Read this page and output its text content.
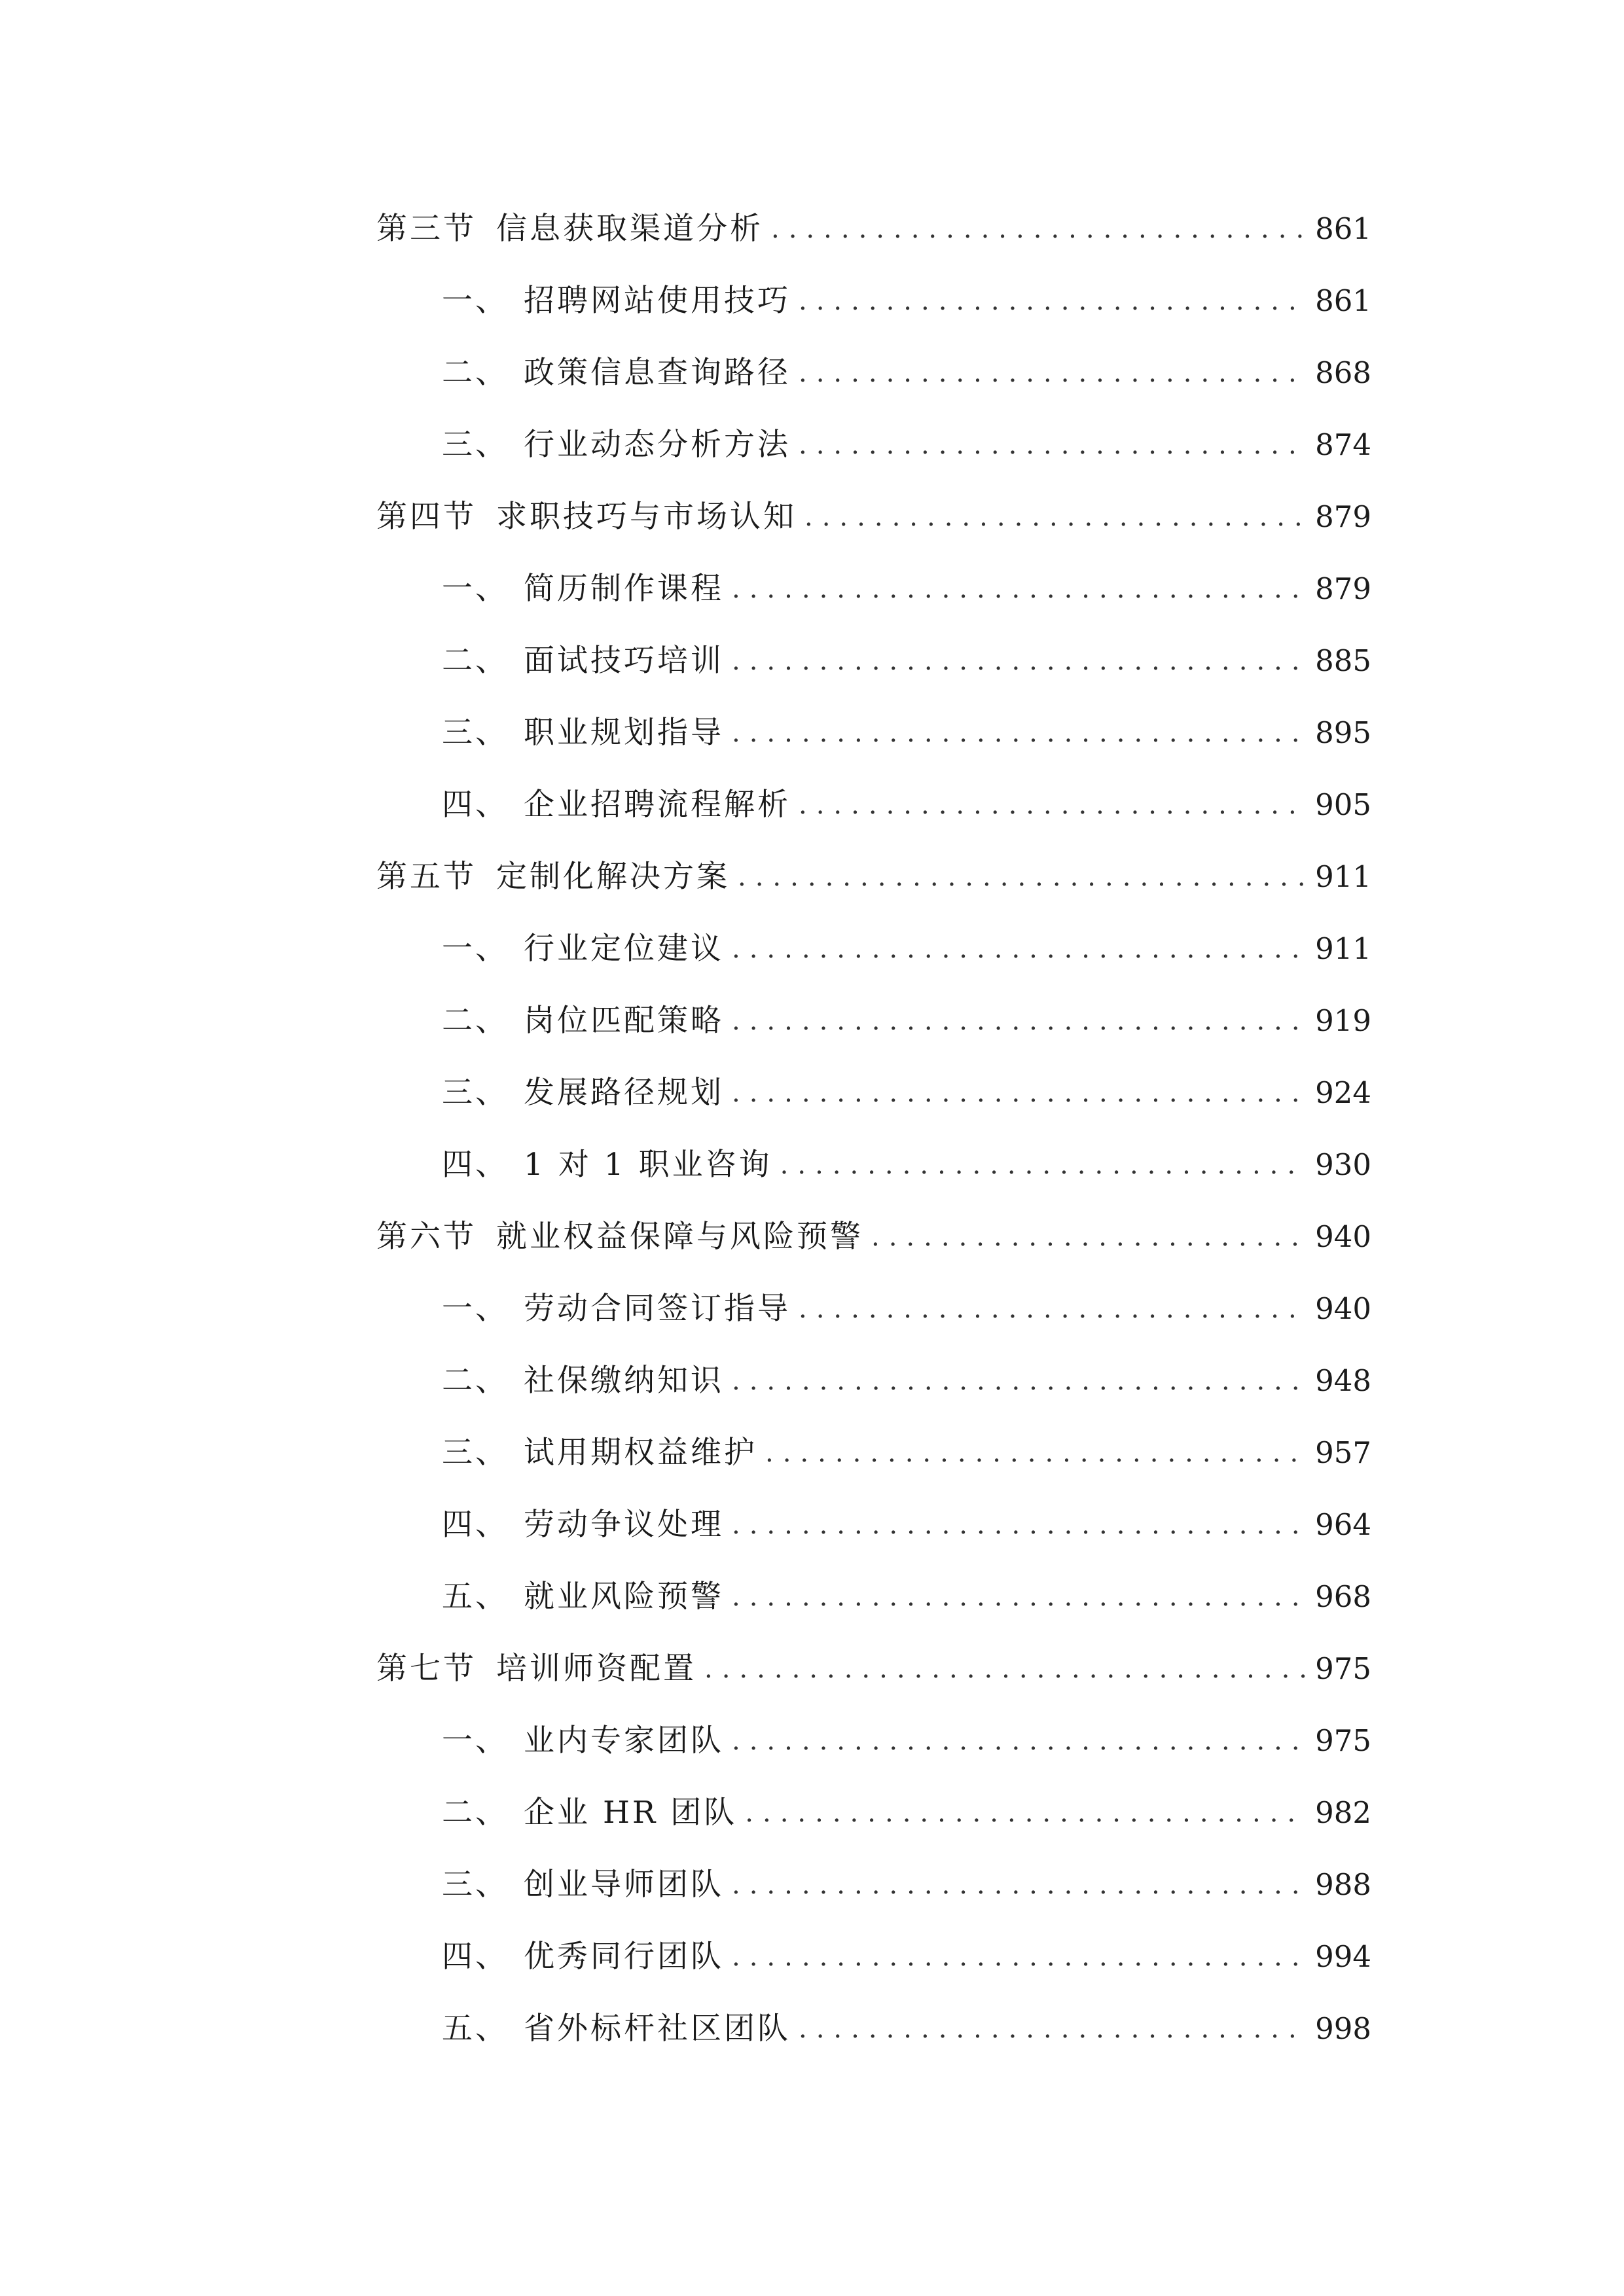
第三节 信息获取渠道分析 .....	861
一、 招聘网站使用技巧 .....	861
二、 政策信息查询路径 .....	868
三、 行业动态分析方法 .....	874
第四节 求职技巧与市场认知 .....	879
一、 简历制作课程 .....	879
二、 面试技巧培训 .....	885
三、 职业规划指导 .....	895
四、 企业招聘流程解析 .....	905
第五节 定制化解决方案 .....	911
一、 行业定位建议 .....	911
二、 岗位匹配策略 .....	919
三、 发展路径规划 .....	924
四、 1 对 1 职业咨询 .....	930
第六节 就业权益保障与风险预警 .....	940
一、 劳动合同签订指导 .....	940
二、 社保缴纳知识 .....	948
三、 试用期权益维护 .....	957
四、 劳动争议处理 .....	964
五、 就业风险预警 .....	968
第七节 培训师资配置 .....	975
一、 业内专家团队 .....	975
二、 企业 HR 团队 .....	982
三、 创业导师团队 .....	988
四、 优秀同行团队 .....	994
五、 省外标杆社区团队 .....	998
